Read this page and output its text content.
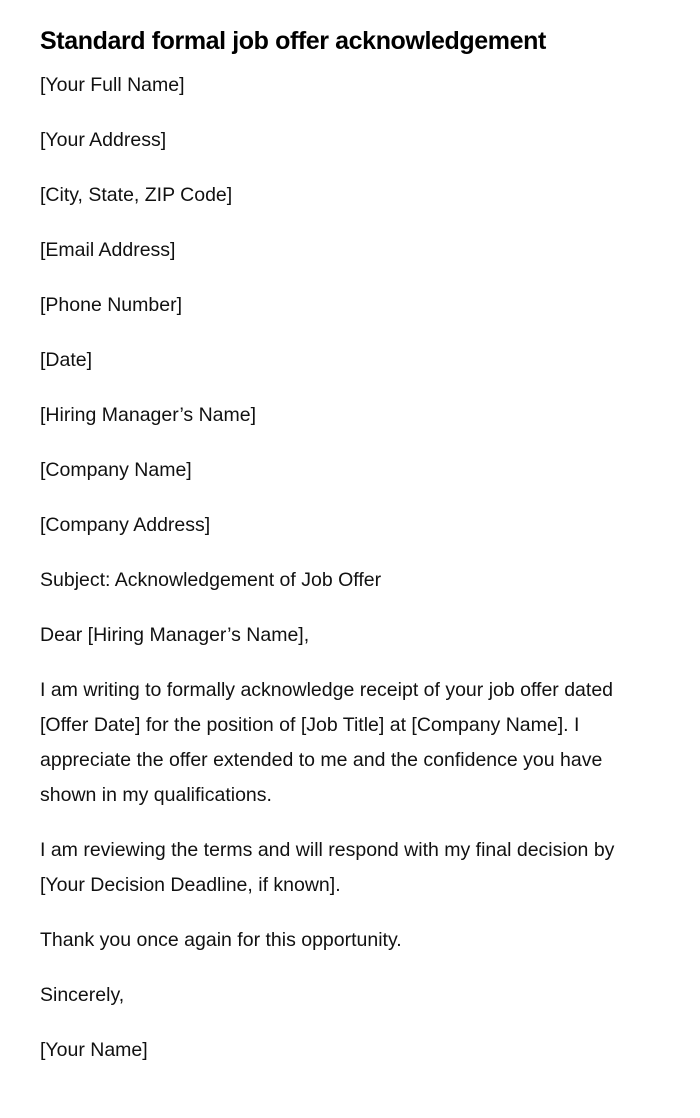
Standard formal job offer acknowledgement

[Your Full Name]

[Your Address]

[City, State, ZIP Code]

[Email Address]

[Phone Number]

[Date]

[Hiring Manager’s Name]

[Company Name]

[Company Address]

Subject: Acknowledgement of Job Offer

Dear [Hiring Manager’s Name],

I am writing to formally acknowledge receipt of your job offer dated [Offer Date] for the position of [Job Title] at [Company Name]. I appreciate the offer extended to me and the confidence you have shown in my qualifications.

I am reviewing the terms and will respond with my final decision by [Your Decision Deadline, if known].

Thank you once again for this opportunity.

Sincerely,

[Your Name]
